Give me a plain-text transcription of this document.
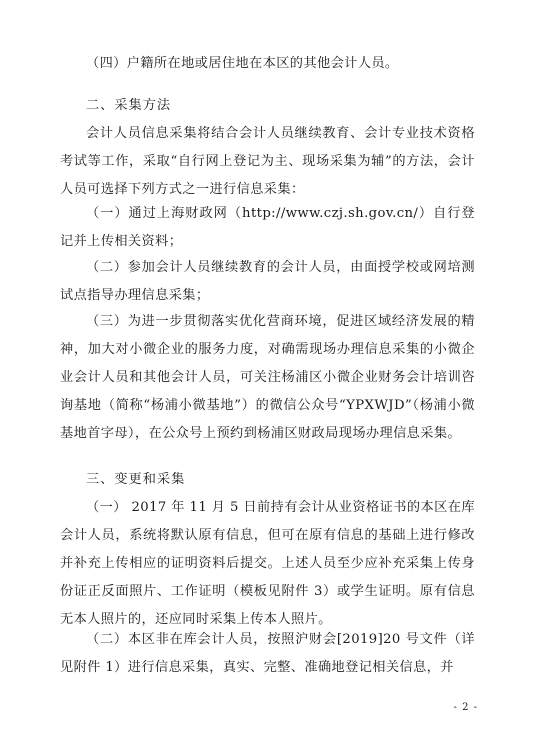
（四）户籍所在地或居住地在本区的其他会计人员。

二、采集方法

会计人员信息采集将结合会计人员继续教育、会计专业技术资格考试等工作，采取“自行网上登记为主、现场采集为辅”的方法，会计人员可选择下列方式之一进行信息采集：

（一）通过上海财政网（http://www.czj.sh.gov.cn/）自行登记并上传相关资料；

（二）参加会计人员继续教育的会计人员，由面授学校或网培测试点指导办理信息采集；

（三）为进一步贯彻落实优化营商环境，促进区域经济发展的精神，加大对小微企业的服务力度，对确需现场办理信息采集的小微企业会计人员和其他会计人员，可关注杨浦区小微企业财务会计培训咨询基地（简称“杨浦小微基地”）的微信公众号“YPXWJD”（杨浦小微基地首字母），在公众号上预约到杨浦区财政局现场办理信息采集。

三、变更和采集

（一） 2017 年 11 月 5 日前持有会计从业资格证书的本区在库会计人员，系统将默认原有信息，但可在原有信息的基础上进行修改并补充上传相应的证明资料后提交。上述人员至少应补充采集上传身份证正反面照片、工作证明（模板见附件 3）或学生证明。原有信息无本人照片的，还应同时采集上传本人照片。

（二）本区非在库会计人员，按照沪财会[2019]20 号文件（详见附件 1）进行信息采集，真实、完整、准确地登记相关信息，并

- 2 -
